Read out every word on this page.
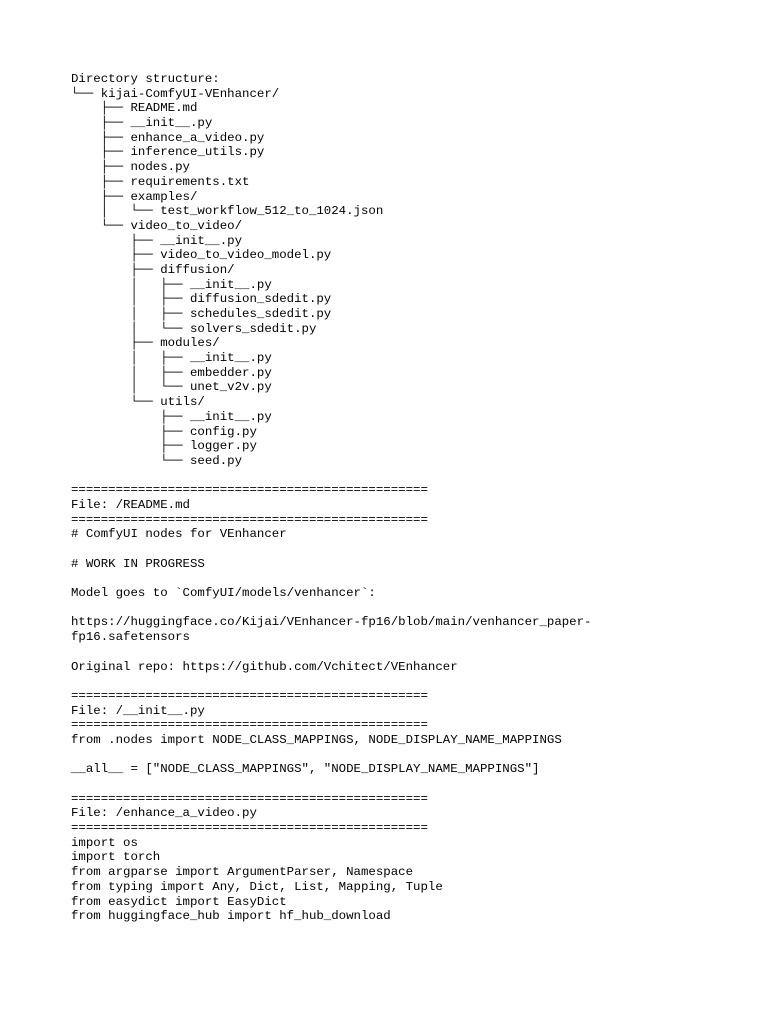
Directory structure:
└── kijai-ComfyUI-VEnhancer/
├── README.md
├── __init__.py
├── enhance_a_video.py
├── inference_utils.py
├── nodes.py
├── requirements.txt
├── examples/
│   └── test_workflow_512_to_1024.json
└── video_to_video/
├── __init__.py
├── video_to_video_model.py
├── diffusion/
│   ├── __init__.py
│   ├── diffusion_sdedit.py
│   ├── schedules_sdedit.py
│   └── solvers_sdedit.py
├── modules/
│   ├── __init__.py
│   ├── embedder.py
│   └── unet_v2v.py
└── utils/
├── __init__.py
├── config.py
├── logger.py
└── seed.py
================================================
File: /README.md
================================================
# ComfyUI nodes for VEnhancer
# WORK IN PROGRESS
Model goes to `ComfyUI/models/venhancer`:
https://huggingface.co/Kijai/VEnhancer-fp16/blob/main/venhancer_paper-
fp16.safetensors
Original repo: https://github.com/Vchitect/VEnhancer
================================================
File: /__init__.py
================================================
from .nodes import NODE_CLASS_MAPPINGS, NODE_DISPLAY_NAME_MAPPINGS
__all__ = ["NODE_CLASS_MAPPINGS", "NODE_DISPLAY_NAME_MAPPINGS"]
================================================
File: /enhance_a_video.py
================================================
import os
import torch
from argparse import ArgumentParser, Namespace
from typing import Any, Dict, List, Mapping, Tuple
from easydict import EasyDict
from huggingface_hub import hf_hub_download
